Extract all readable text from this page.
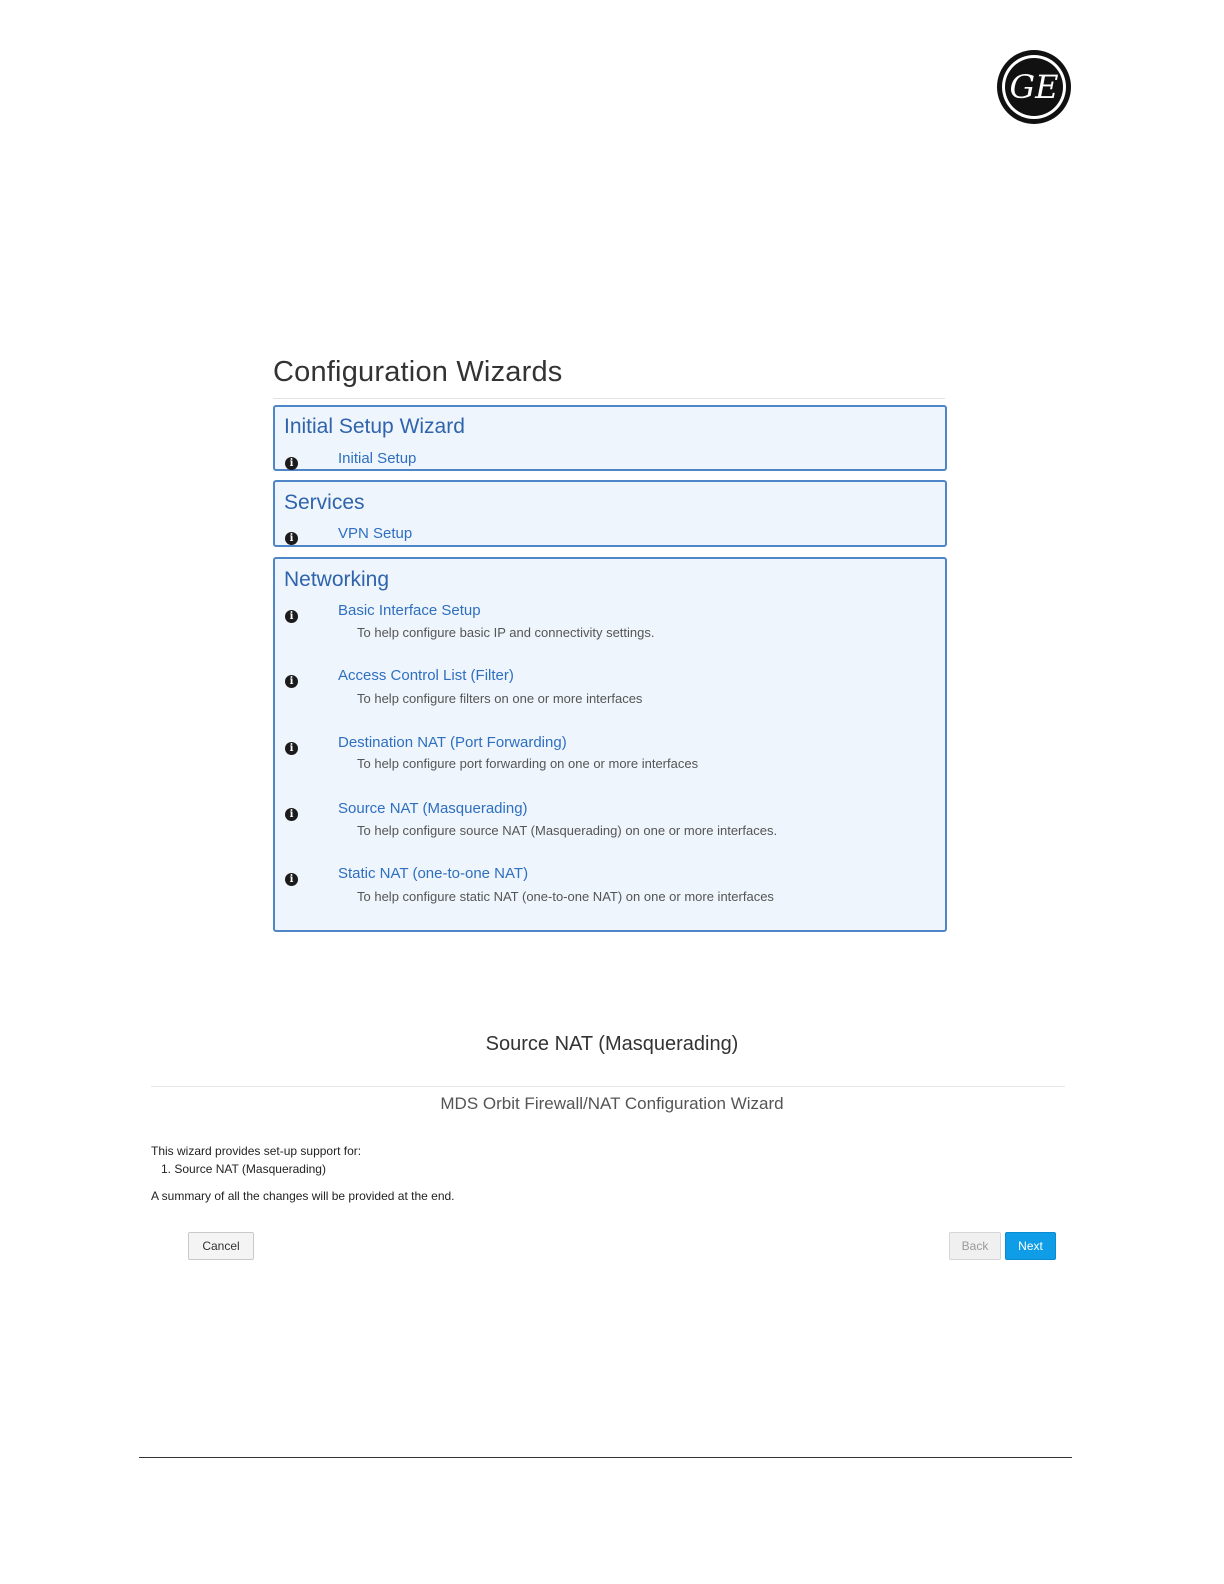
GE
Configuration Wizards
Initial Setup Wizard
i	Initial Setup
Services
i	VPN Setup
Networking
i	Basic Interface Setup
To help configure basic IP and connectivity settings.
i	Access Control List (Filter)
To help configure filters on one or more interfaces
i	Destination NAT (Port Forwarding)
To help configure port forwarding on one or more interfaces
i	Source NAT (Masquerading)
To help configure source NAT (Masquerading) on one or more interfaces.
i	Static NAT (one-to-one NAT)
To help configure static NAT (one-to-one NAT) on one or more interfaces
Source NAT (Masquerading)
MDS Orbit Firewall/NAT Configuration Wizard
This wizard provides set-up support for:
1. Source NAT (Masquerading)
A summary of all the changes will be provided at the end.
Cancel	Back	Next
